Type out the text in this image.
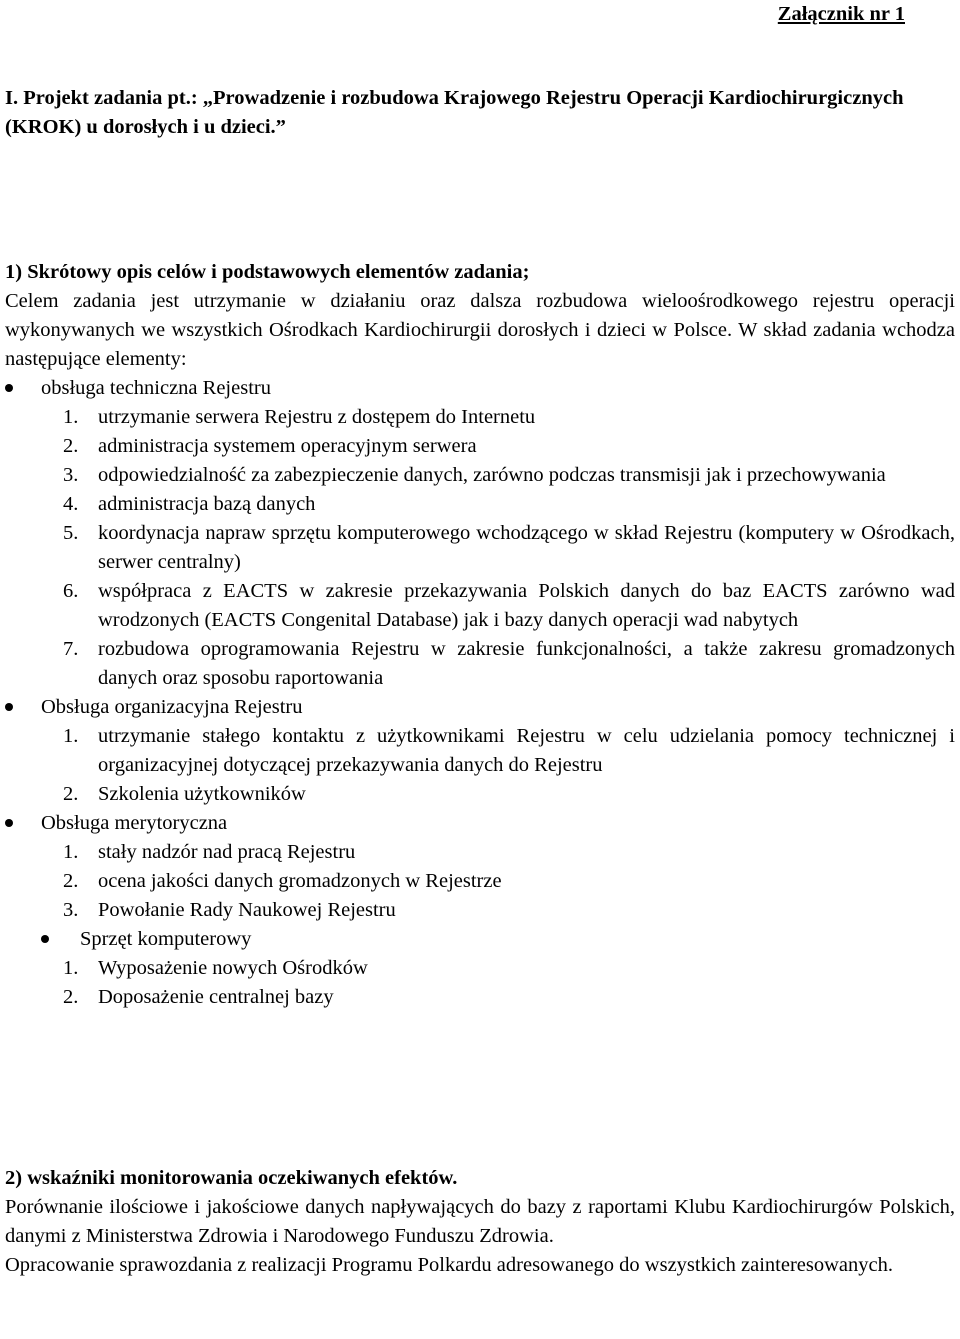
Załącznik nr 1

I. Projekt zadania pt.: „Prowadzenie i rozbudowa Krajowego Rejestru Operacji Kardiochirurgicznych (KROK) u dorosłych i u dzieci.”

1) Skrótowy opis celów i podstawowych elementów zadania;

Celem zadania jest utrzymanie w działaniu oraz dalsza rozbudowa wieloośrodkowego rejestru operacji wykonywanych we wszystkich Ośrodkach Kardiochirurgii dorosłych i dzieci w Polsce. W skład zadania wchodza następujące elementy:

obsługa techniczna Rejestru

1. utrzymanie serwera Rejestru z dostępem do Internetu

2. administracja systemem operacyjnym serwera

3. odpowiedzialność za zabezpieczenie danych, zarówno podczas transmisji jak i przechowywania

4. administracja bazą danych

5. koordynacja napraw sprzętu komputerowego wchodzącego w skład Rejestru (komputery w Ośrodkach, serwer centralny)

6. współpraca z EACTS w zakresie przekazywania Polskich danych do baz EACTS zarówno wad wrodzonych (EACTS Congenital Database) jak i bazy danych operacji wad nabytych

7. rozbudowa oprogramowania Rejestru w zakresie funkcjonalności, a także zakresu gromadzonych danych oraz sposobu raportowania

Obsługa organizacyjna Rejestru

1. utrzymanie stałego kontaktu z użytkownikami Rejestru w celu udzielania pomocy technicznej i organizacyjnej dotyczącej przekazywania danych do Rejestru

2. Szkolenia użytkowników

Obsługa merytoryczna

1. stały nadzór nad pracą Rejestru

2. ocena jakości danych gromadzonych w Rejestrze

3. Powołanie Rady Naukowej Rejestru

Sprzęt komputerowy

1. Wyposażenie nowych Ośrodków

2. Doposażenie centralnej bazy

2) wskaźniki monitorowania oczekiwanych efektów.

Porównanie ilościowe i jakościowe danych napływających do bazy z raportami Klubu Kardiochirurgów Polskich, danymi z Ministerstwa Zdrowia i Narodowego Funduszu Zdrowia.

Opracowanie sprawozdania z realizacji Programu Polkardu adresowanego do wszystkich zainteresowanych.
